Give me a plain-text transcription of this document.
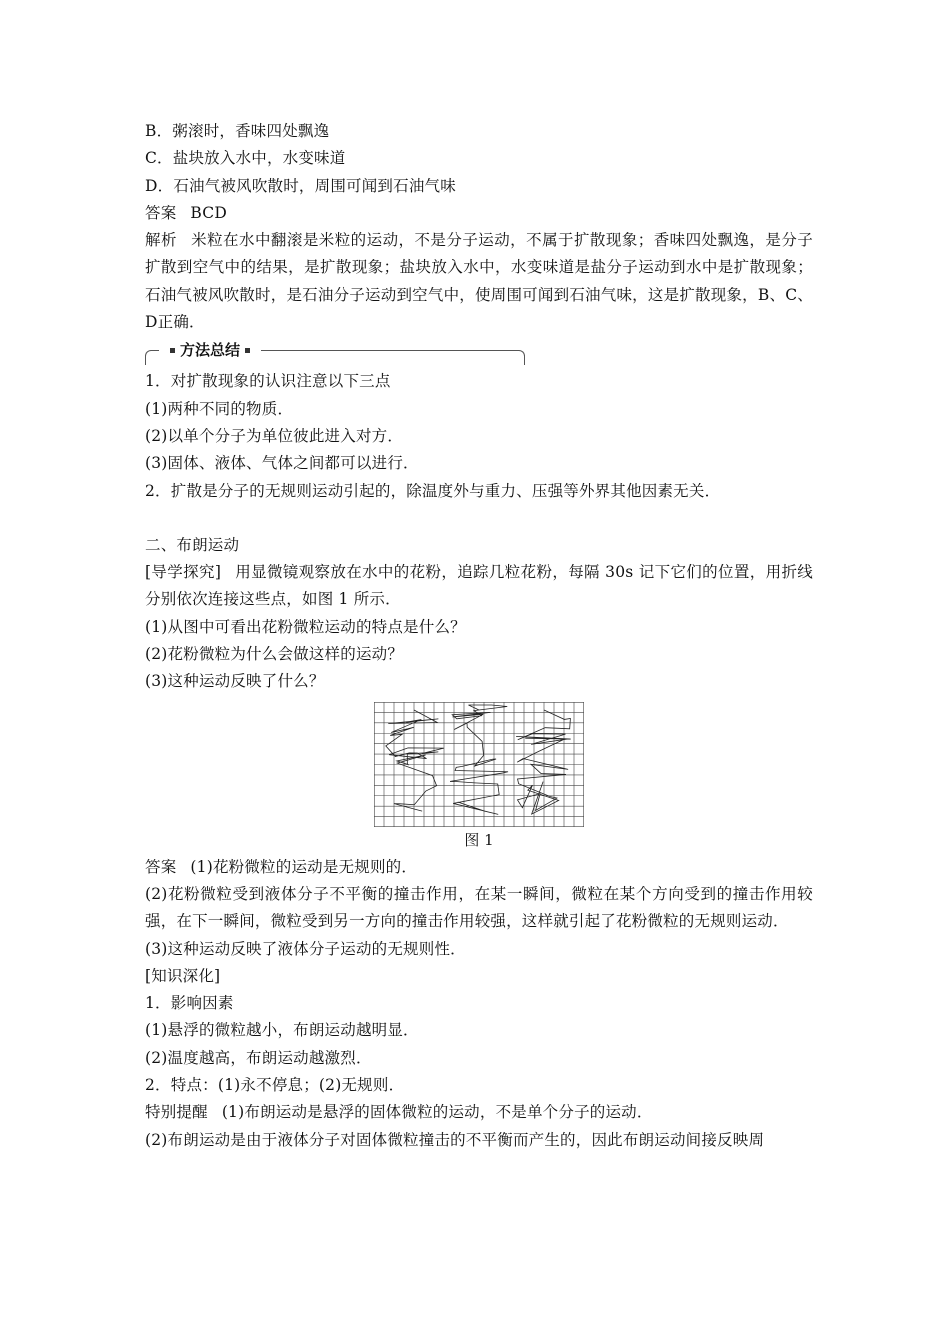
B．粥滚时，香味四处飘逸
C．盐块放入水中，水变味道
D．石油气被风吹散时，周围可闻到石油气味
答案 BCD
解析 米粒在水中翻滚是米粒的运动，不是分子运动，不属于扩散现象；香味四处飘逸，是分子扩散到空气中的结果，是扩散现象；盐块放入水中，水变味道是盐分子运动到水中是扩散现象；石油气被风吹散时，是石油分子运动到空气中，使周围可闻到石油气味，这是扩散现象，B、C、D正确．
方法总结
1．对扩散现象的认识注意以下三点
(1)两种不同的物质．
(2)以单个分子为单位彼此进入对方．
(3)固体、液体、气体之间都可以进行．
2．扩散是分子的无规则运动引起的，除温度外与重力、压强等外界其他因素无关．
二、布朗运动
[导学探究] 用显微镜观察放在水中的花粉，追踪几粒花粉，每隔 30s 记下它们的位置，用折线分别依次连接这些点，如图 1 所示．
(1)从图中可看出花粉微粒运动的特点是什么？
(2)花粉微粒为什么会做这样的运动？
(3)这种运动反映了什么？
图 1
答案 (1)花粉微粒的运动是无规则的．
(2)花粉微粒受到液体分子不平衡的撞击作用，在某一瞬间，微粒在某个方向受到的撞击作用较强，在下一瞬间，微粒受到另一方向的撞击作用较强，这样就引起了花粉微粒的无规则运动．
(3)这种运动反映了液体分子运动的无规则性．
[知识深化]
1．影响因素
(1)悬浮的微粒越小，布朗运动越明显．
(2)温度越高，布朗运动越激烈．
2．特点：(1)永不停息；(2)无规则．
特别提醒 (1)布朗运动是悬浮的固体微粒的运动，不是单个分子的运动．
(2)布朗运动是由于液体分子对固体微粒撞击的不平衡而产生的，因此布朗运动间接反映周
